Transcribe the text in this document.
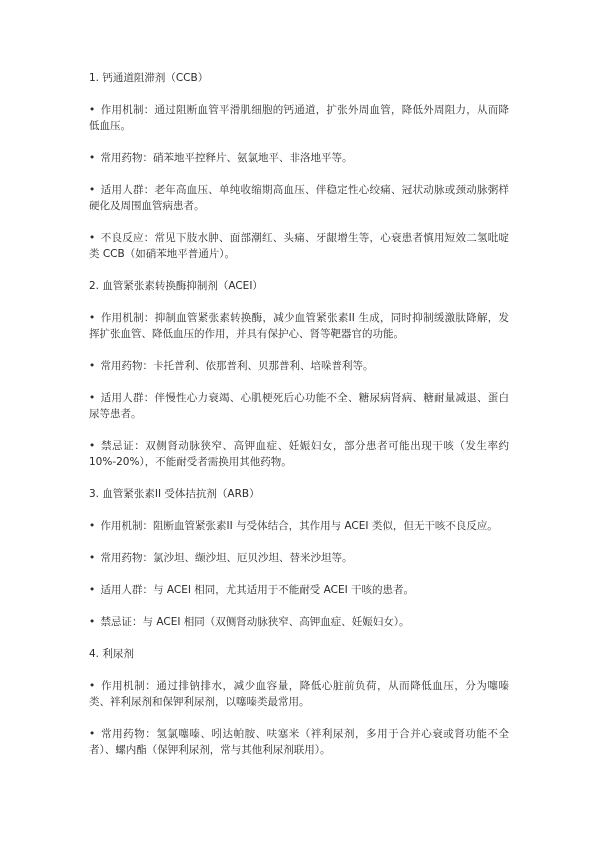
1. 钙通道阻滞剂（CCB）
• 作用机制：通过阻断血管平滑肌细胞的钙通道，扩张外周血管，降低外周阻力，从而降低血压。
• 常用药物：硝苯地平控释片、氨氯地平、非洛地平等。
• 适用人群：老年高血压、单纯收缩期高血压、伴稳定性心绞痛、冠状动脉或颈动脉粥样硬化及周围血管病患者。
• 不良反应：常见下肢水肿、面部潮红、头痛、牙龈增生等，心衰患者慎用短效二氢吡啶类 CCB（如硝苯地平普通片）。
2. 血管紧张素转换酶抑制剂（ACEI）
• 作用机制：抑制血管紧张素转换酶，减少血管紧张素II 生成，同时抑制缓激肽降解，发挥扩张血管、降低血压的作用，并具有保护心、肾等靶器官的功能。
• 常用药物：卡托普利、依那普利、贝那普利、培哚普利等。
• 适用人群：伴慢性心力衰竭、心肌梗死后心功能不全、糖尿病肾病、糖耐量减退、蛋白尿等患者。
• 禁忌证：双侧肾动脉狭窄、高钾血症、妊娠妇女，部分患者可能出现干咳（发生率约 10%-20%），不能耐受者需换用其他药物。
3. 血管紧张素II 受体拮抗剂（ARB）
• 作用机制：阻断血管紧张素II 与受体结合，其作用与 ACEI 类似，但无干咳不良反应。
• 常用药物：氯沙坦、缬沙坦、厄贝沙坦、替米沙坦等。
• 适用人群：与 ACEI 相同，尤其适用于不能耐受 ACEI 干咳的患者。
• 禁忌证：与 ACEI 相同（双侧肾动脉狭窄、高钾血症、妊娠妇女）。
4. 利尿剂
• 作用机制：通过排钠排水，减少血容量，降低心脏前负荷，从而降低血压，分为噻嗪类、袢利尿剂和保钾利尿剂，以噻嗪类最常用。
• 常用药物：氢氯噻嗪、吲达帕胺、呋塞米（袢利尿剂，多用于合并心衰或肾功能不全者）、螺内酯（保钾利尿剂，常与其他利尿剂联用）。
